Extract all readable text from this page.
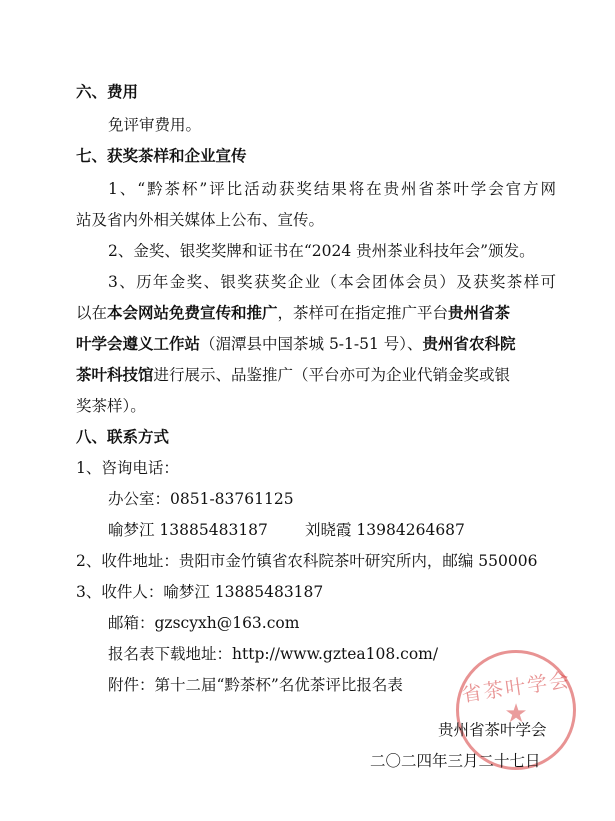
六、费用
免评审费用。
七、获奖茶样和企业宣传
1、“黔茶杯”评比活动获奖结果将在贵州省茶叶学会官方网
站及省内外相关媒体上公布、宣传。
2、金奖、银奖奖牌和证书在“2024 贵州茶业科技年会”颁发。
3、历年金奖、银奖获奖企业（本会团体会员）及获奖茶样可
以在本会网站免费宣传和推广，茶样可在指定推广平台贵州省茶
叶学会遵义工作站（湄潭县中国茶城 5-1-51 号）、贵州省农科院
茶叶科技馆进行展示、品鉴推广（平台亦可为企业代销金奖或银
奖茶样）。
八、联系方式
1、咨询电话：
办公室：0851-83761125
喻梦江 13885483187 刘晓霞 13984264687
2、收件地址：贵阳市金竹镇省农科院茶叶研究所内，邮编 550006
3、收件人：喻梦江 13885483187
邮箱：gzscyxh@163.com
报名表下载地址：http://www.gztea108.com/
附件：第十二届“黔茶杯”名优茶评比报名表	省茶叶学会
★
贵州省茶叶学会
二〇二四年三月二十七日
